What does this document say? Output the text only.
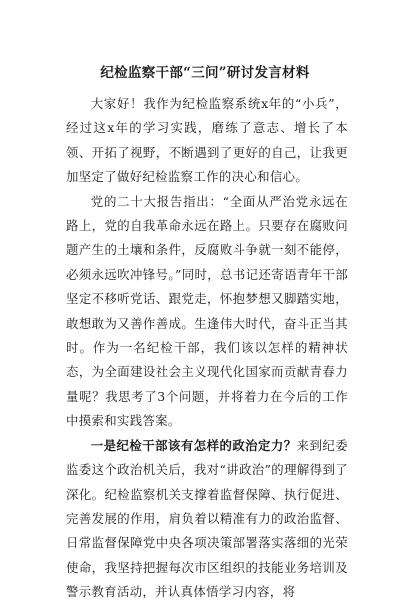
纪检监察干部“三问”研讨发言材料

大家好！我作为纪检监察系统x年的“小兵”，经过这x年的学习实践，磨练了意志、增长了本领、开拓了视野，不断遇到了更好的自己，让我更加坚定了做好纪检监察工作的决心和信心。

党的二十大报告指出：“全面从严治党永远在路上，党的自我革命永远在路上。只要存在腐败问题产生的土壤和条件，反腐败斗争就一刻不能停，必须永远吹冲锋号。”同时，总书记还寄语青年干部坚定不移听党话、跟党走，怀抱梦想又脚踏实地，敢想敢为又善作善成。生逢伟大时代，奋斗正当其时。作为一名纪检干部，我们该以怎样的精神状态，为全面建设社会主义现代化国家而贡献青春力量呢？我思考了3个问题，并将着力在今后的工作中摸索和实践答案。

一是纪检干部该有怎样的政治定力？来到纪委监委这个政治机关后，我对“讲政治”的理解得到了深化。纪检监察机关支撑着监督保障、执行促进、完善发展的作用，肩负着以精准有力的政治监督、日常监督保障党中央各项决策部署落实落细的光荣使命，我坚持把握每次市区组织的技能业务培训及警示教育活动，并认真体悟学习内容，将
